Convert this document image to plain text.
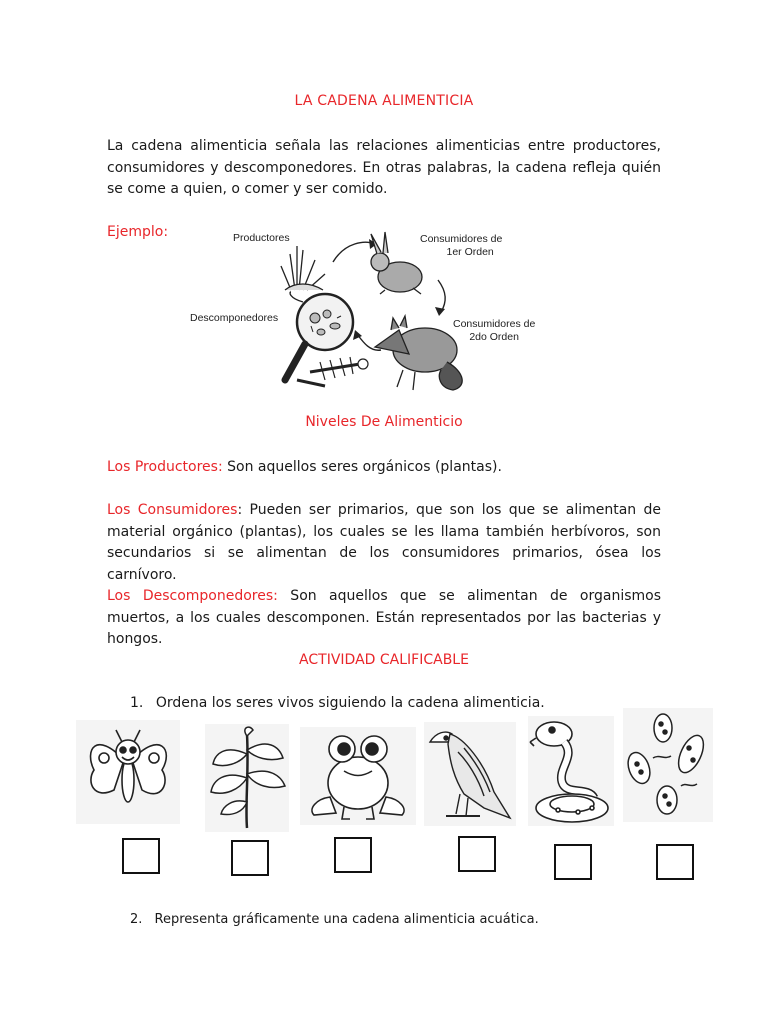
LA CADENA ALIMENTICIA
La cadena alimenticia señala las relaciones alimenticias entre productores, consumidores y descomponedores. En otras palabras, la cadena refleja quién se come a quien, o comer y ser comido.
Ejemplo:	Productores	Consumidores de
1er Orden
Descomponedores	Consumidores de
2do Orden
Niveles De Alimenticio
Los Productores: Son aquellos seres orgánicos (plantas).
Los Consumidores: Pueden ser primarios, que son los que se alimentan de material orgánico (plantas), los cuales se les llama también herbívoros, son secundarios si se alimentan de los consumidores primarios, ósea los carnívoro.
Los Descomponedores: Son aquellos que se alimentan de organismos muertos, a los cuales descomponen. Están representados por las bacterias y hongos.
ACTIVIDAD CALIFICABLE
1. Ordena los seres vivos siguiendo la cadena alimenticia.
2. Representa gráficamente una cadena alimenticia acuática.
